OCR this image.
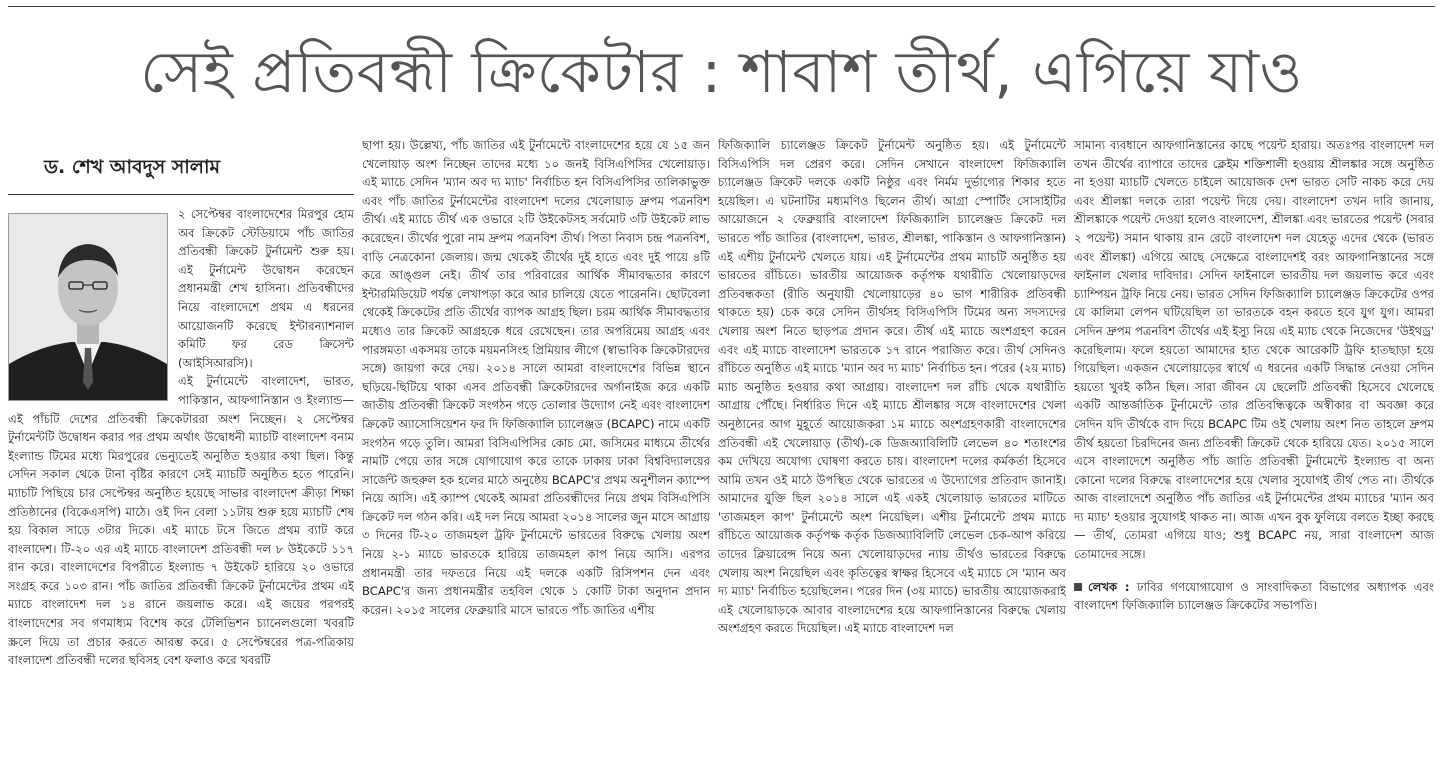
সেই প্রতিবন্ধী ক্রিকেটার : শাবাশ তীর্থ, এগিয়ে যাও
ড. শেখ আবদুস সালাম

২ সেপ্টেম্বর বাংলাদেশের মিরপুর হোম অব ক্রিকেট স্টেডিয়ামে পাঁচ জাতির প্রতিবন্ধী ক্রিকেট টুর্নামেন্ট শুরু হয়। এই টুর্নামেন্ট উদ্বোধন করেছেন প্রধানমন্ত্রী শেখ হাসিনা। প্রতিবন্ধীদের নিয়ে বাংলাদেশে প্রথম এ ধরনের আয়োজনটি করেছে ইন্টারন্যাশনাল কমিটি ফর রেড ক্রিসেন্ট (আইসিআরসি)।

এই টুর্নামেন্টে বাংলাদেশ, ভারত, পাকিস্তান, আফগানিস্তান ও ইংল্যান্ড— এই পাঁচটি দেশের প্রতিবন্ধী ক্রিকেটাররা অংশ নিচ্ছেন। ২ সেপ্টেম্বর টুর্নামেন্টটি উদ্বোধন করার পর প্রথম অর্থাৎ উদ্বোধনী ম্যাচটি বাংলাদেশ বনাম ইংল্যান্ড টিমের মধ্যে মিরপুরের ভেন্যুতেই অনুষ্ঠিত হওয়ার কথা ছিল। কিন্তু সেদিন সকাল থেকে টানা বৃষ্টির কারণে সেই ম্যাচটি অনুষ্ঠিত হতে পারেনি। ম্যাচটি পিছিয়ে চার সেপ্টেম্বর অনুষ্ঠিত হয়েছে সাভার বাংলাদেশ ক্রীড়া শিক্ষা প্রতিষ্ঠানের (বিকেএসপি) মাঠে। ওই দিন বেলা ১১টায় শুরু হয়ে ম্যাচটি শেষ হয় বিকাল সাড়ে ৩টার দিকে। এই ম্যাচে টসে জিতে প্রথম ব্যাট করে বাংলাদেশ। টি-২০ এর এই ম্যাচে বাংলাদেশ প্রতিবন্ধী দল ৮ উইকেটে ১১৭ রান করে। বাংলাদেশের বিপরীতে ইংল্যান্ড ৭ উইকেট হারিয়ে ২০ ওভারে সংগ্রহ করে ১০৩ রান। পাঁচ জাতির প্রতিবন্ধী ক্রিকেট টুর্নামেন্টের প্রথম এই ম্যাচে বাংলাদেশ দল ১৪ রানে জয়লাভ করে। এই জয়ের পরপরই বাংলাদেশের সব গণমাধ্যম বিশেষ করে টেলিভিশন চ্যানেলগুলো খবরটি স্ক্রলে দিয়ে তা প্রচার করতে আরম্ভ করে। ৫ সেপ্টেম্বরের পত্র-পত্রিকায় বাংলাদেশ প্রতিবন্ধী দলের ছবিসহ বেশ ফলাও করে খবরটি

ছাপা হয়। উল্লেখ্য, পাঁচ জাতির এই টুর্নামেন্টে বাংলাদেশের হয়ে যে ১৫ জন খেলোয়াড় অংশ নিচ্ছেন তাদের মধ্যে ১০ জনই বিসিএপিসির খেলোয়াড়। এই ম্যাচে সেদিন 'ম্যান অব দ্য ম্যাচ' নির্বাচিত হন বিসিএপিসির তালিকাভুক্ত এবং পাঁচ জাতির টুর্নামেন্টের বাংলাদেশ দলের খেলোয়াড় দ্রুপম পত্রনবিশ তীর্থ। এই ম্যাচে তীর্থ এক ওভারে ২টি উইকেটসহ সর্বমোট ৩টি উইকেট লাভ করেছেন। তীর্থের পুরো নাম দ্রুপম পত্রনবিশ তীর্থ। পিতা নিবাস চন্দ্র পত্রনবিশ, বাড়ি নেত্রকোনা জেলায়। জন্ম থেকেই তীর্থের দুই হাতে এবং দুই পায়ে ৪টি করে আঙ্গুল নেই। তীর্থ তার পরিবারের আর্থিক সীমাবদ্ধতার কারণে ইন্টারমিডিয়েট পর্যন্ত লেখাপড়া করে আর চালিয়ে যেতে পারেননি। ছোটবেলা থেকেই ক্রিকেটের প্রতি তীর্থের ব্যাপক আগ্রহ ছিল। চরম আর্থিক সীমাবদ্ধতার মধ্যেও তার ক্রিকেট আগ্রহকে ধরে রেখেছেন। তার অপরিমেয় আগ্রহ এবং পারঙ্গমতা একসময় তাকে ময়মনসিংহ প্রিমিয়ার লীগে (স্বাভাবিক ক্রিকেটারদের সঙ্গে) জায়গা করে দেয়। ২০১৪ সালে আমরা বাংলাদেশের বিভিন্ন স্থানে ছড়িয়ে-ছিটিয়ে থাকা এসব প্রতিবন্ধী ক্রিকেটারদের অর্গানাইজ করে একটি জাতীয় প্রতিবন্ধী ক্রিকেট সংগঠন গড়ে তোলার উদ্যোগ নেই এবং বাংলাদেশ ক্রিকেট অ্যাসোসিয়েশন ফর দি ফিজিক্যালি চ্যালেঞ্জড (BCAPC) নামে একটি সংগঠন গড়ে তুলি। আমরা বিসিএপিসির কোচ মো. জসিমের মাধ্যমে তীর্থের নামটি পেয়ে তার সঙ্গে যোগাযোগ করে তাকে ঢাকায় ঢাকা বিশ্ববিদ্যালয়ের সার্জেন্ট জহুরুল হক হলের মাঠে অনুষ্ঠেয় BCAPC'র প্রথম অনুশীলন ক্যাম্পে নিয়ে আসি। এই ক্যাম্প থেকেই আমরা প্রতিবন্ধীদের নিয়ে প্রথম বিসিএপিসি ক্রিকেট দল গঠন করি। এই দল নিয়ে আমরা ২০১৪ সালের জুন মাসে আগ্রায় ৩ দিনের টি-২০ তাজমহল ট্রফি টুর্নামেন্টে ভারতের বিরুদ্ধে খেলায় অংশ নিয়ে ২-১ ম্যাচে ভারতকে হারিয়ে তাজমহল কাপ নিয়ে আসি। এরপর প্রধানমন্ত্রী তার দফতরে নিয়ে এই দলকে একটি রিসিপশন দেন এবং BCAPC'র জন্য প্রধানমন্ত্রীর তহবিল থেকে ১ কোটি টাকা অনুদান প্রদান করেন। ২০১৫ সালের ফেব্রুয়ারি মাসে ভারতে পাঁচ জাতির এশীয়

ফিজিক্যালি চ্যালেঞ্জড ক্রিকেট টুর্নামেন্ট অনুষ্ঠিত হয়। এই টুর্নামেন্টে বিসিএপিসি দল প্রেরণ করে। সেদিন সেখানে বাংলাদেশ ফিজিক্যালি চ্যালেঞ্জড ক্রিকেট দলকে একটি নিষ্ঠুর এবং নির্মম দুর্ভাগ্যের শিকার হতে হয়েছিল। এ ঘটনাটির মধ্যমণিও ছিলেন তীর্থ। আগ্রা স্পোর্টিং সোসাইটির আয়োজনে ২ ফেব্রুয়ারি বাংলাদেশ ফিজিক্যালি চ্যালেঞ্জড ক্রিকেট দল ভারতে পাঁচ জাতির (বাংলাদেশ, ভারত, শ্রীলঙ্কা, পাকিস্তান ও আফগানিস্তান) এই এশীয় টুর্নামেন্ট খেলতে যায়। এই টুর্নামেন্টের প্রথম ম্যাচটি অনুষ্ঠিত হয় ভারতের রাঁচিতে। ভারতীয় আয়োজক কর্তৃপক্ষ যথারীতি খেলোয়াড়দের প্রতিবন্ধকতা (রীতি অনুযায়ী খেলোয়াড়ের ৪০ ভাগ শারীরিক প্রতিবন্ধী থাকতে হয়) চেক করে সেদিন তীর্থসহ বিসিএপিসি টিমের অন্য সদস্যদের খেলায় অংশ নিতে ছাড়পত্র প্রদান করে। তীর্থ এই ম্যাচে অংশগ্রহণ করেন এবং এই ম্যাচে বাংলাদেশ ভারতকে ১৭ রানে পরাজিত করে। তীর্থ সেদিনও রাঁচিতে অনুষ্ঠিত এই ম্যাচে 'ম্যান অব দ্য ম্যাচ' নির্বাচিত হন। পরের (২য় ম্যাচ) ম্যাচ অনুষ্ঠিত হওয়ার কথা আগ্রায়। বাংলাদেশ দল রাঁচি থেকে যথারীতি আগ্রায় পৌঁছে। নির্ধারিত দিনে এই ম্যাচে শ্রীলঙ্কার সঙ্গে বাংলাদেশের খেলা অনুষ্ঠানের আগ মুহূর্তে আয়োজকরা ১ম ম্যাচে অংশগ্রহণকারী বাংলাদেশের প্রতিবন্ধী এই খেলোয়াড় (তীর্থ)-কে ডিজঅ্যাবিলিটি লেভেল ৪০ শতাংশের কম দেখিয়ে অযোগ্য ঘোষণা করতে চায়। বাংলাদেশ দলের কর্মকর্তা হিসেবে আমি তখন ওই মাঠে উপস্থিত থেকে ভারতের এ উদ্যোগের প্রতিবাদ জানাই। আমাদের যুক্তি ছিল ২০১৪ সালে এই একই খেলোয়াড় ভারতের মাটিতে 'তাজমহল কাপ' টুর্নামেন্টে অংশ নিয়েছিল। এশীয় টুর্নামেন্টে প্রথম ম্যাচে রাঁচিতে আয়োজক কর্তৃপক্ষ কর্তৃক ডিজঅ্যাবিলিটি লেভেল চেক-আপ করিয়ে তাদের ক্লিয়ারেন্স নিয়ে অন্য খেলোয়াড়দের ন্যায় তীর্থও ভারতের বিরুদ্ধে খেলায় অংশ নিয়েছিল এবং কৃতিত্বের স্বাক্ষর হিসেবে এই ম্যাচে সে 'ম্যান অব দ্য ম্যাচ' নির্বাচিত হয়েছিলেন। পরের দিন (৩য় ম্যাচে) ভারতীয় আয়োজকরাই এই খেলোয়াড়কে আবার বাংলাদেশের হয়ে আফগানিস্তানের বিরুদ্ধে খেলায় অংশগ্রহণ করতে দিয়েছিল। এই ম্যাচে বাংলাদেশ দল

সামান্য ব্যবধানে আফগানিস্তানের কাছে পয়েন্ট হারায়। অতঃপর বাংলাদেশ দল তখন তীর্থের ব্যাপারে তাদের ক্লেইম শক্তিশালী হওয়ায় শ্রীলঙ্কার সঙ্গে অনুষ্ঠিত না হওয়া ম্যাচটি খেলতে চাইলে আয়োজক দেশ ভারত সেটি নাকচ করে দেয় এবং শ্রীলঙ্কা দলকে তারা পয়েন্ট দিয়ে দেয়। বাংলাদেশ তখন দাবি জানায়, শ্রীলঙ্কাকে পয়েন্ট দেওয়া হলেও বাংলাদেশ, শ্রীলঙ্কা এবং ভারতের পয়েন্ট (সবার ২ পয়েন্ট) সমান থাকায় রান রেটে বাংলাদেশ দল যেহেতু এদের থেকে (ভারত এবং শ্রীলঙ্কা) এগিয়ে আছে সেক্ষেত্রে বাংলাদেশই বরং আফগানিস্তানের সঙ্গে ফাইনাল খেলার দাবিদার। সেদিন ফাইনালে ভারতীয় দল জয়লাভ করে এবং চ্যাম্পিয়ন ট্রফি নিয়ে নেয়। ভারত সেদিন ফিজিক্যালি চ্যালেঞ্জড ক্রিকেটের ওপর যে কালিমা লেপন ঘটিয়েছিল তা ভারতকে বহন করতে হবে যুগ যুগ। আমরা সেদিন দ্রুপম পত্রনবিশ তীর্থের এই ইস্যু নিয়ে এই ম্যাচ থেকে নিজেদের 'উইথড্র' করেছিলাম। ফলে হয়তো আমাদের হাত থেকে আরেকটি ট্রফি হাতছাড়া হয়ে গিয়েছিল। একজন খেলোয়াড়ের স্বার্থে এ ধরনের একটি সিদ্ধান্ত নেওয়া সেদিন হয়তো খুবই কঠিন ছিল। সারা জীবন যে ছেলেটি প্রতিবন্ধী হিসেবে খেলেছে একটি আন্তর্জাতিক টুর্নামেন্টে তার প্রতিবন্ধিত্বকে অস্বীকার বা অবজ্ঞা করে সেদিন যদি তীর্থকে বাদ দিয়ে BCAPC টিম ওই খেলায় অংশ নিত তাহলে দ্রুপম তীর্থ হয়তো চিরদিনের জন্য প্রতিবন্ধী ক্রিকেট থেকে হারিয়ে যেত। ২০১৫ সালে এসে বাংলাদেশে অনুষ্ঠিত পাঁচ জাতি প্রতিবন্ধী টুর্নামেন্টে ইংল্যান্ড বা অন্য কোনো দলের বিরুদ্ধে বাংলাদেশের হয়ে খেলার সুযোগই তীর্থ পেত না। তীর্থকে আজ বাংলাদেশে অনুষ্ঠিত পাঁচ জাতির এই টুর্নামেন্টের প্রথম ম্যাচের 'ম্যান অব দ্য ম্যাচ' হওয়ার সুযোগই থাকত না। আজ এখন বুক ফুলিয়ে বলতে ইচ্ছা করছে— তীর্থ, তোমরা এগিয়ে যাও; শুধু BCAPC নয়, সারা বাংলাদেশ আজ তোমাদের সঙ্গে।

লেখক : ঢাবির গণযোগাযোগ ও সাংবাদিকতা বিভাগের অধ্যাপক এবং বাংলাদেশ ফিজিক্যালি চ্যালেঞ্জড ক্রিকেটের সভাপতি।
